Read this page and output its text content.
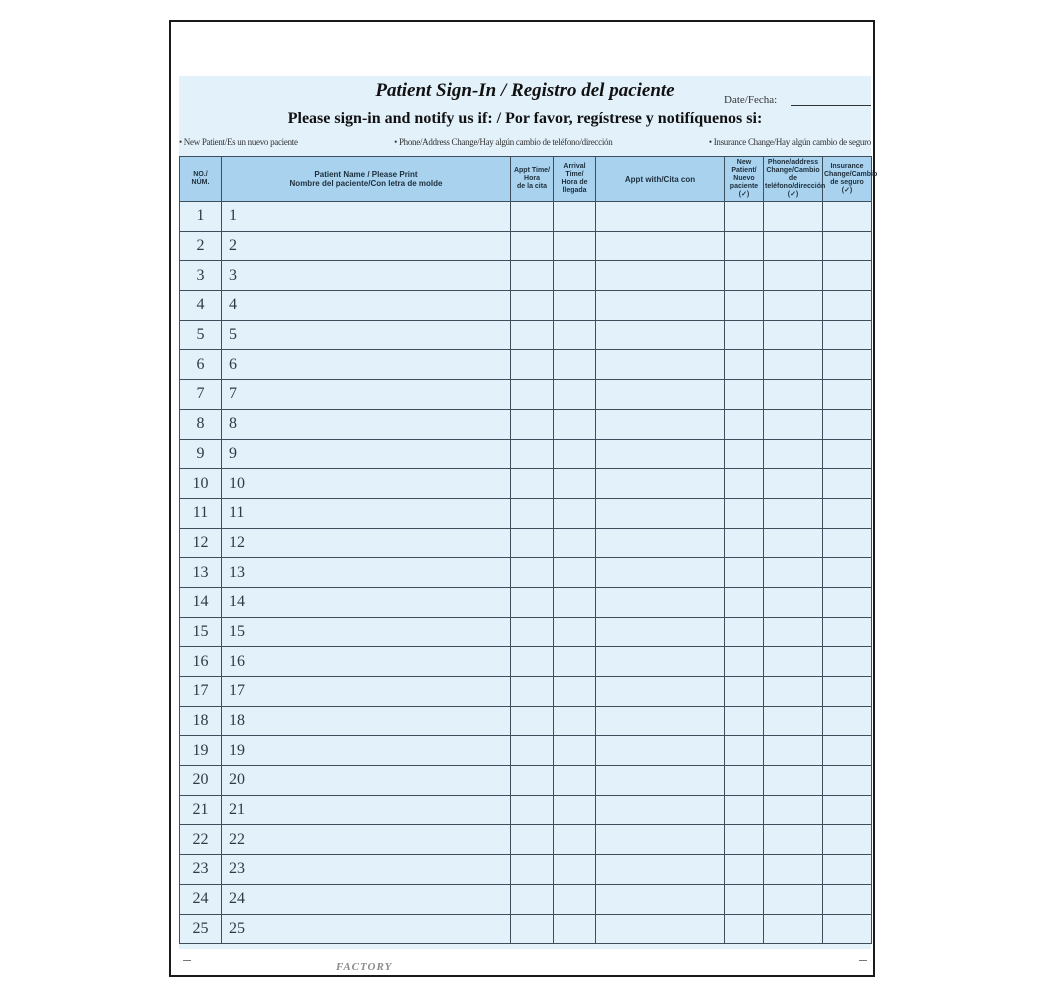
Patient Sign-In / Registro del paciente	Date/Fecha:
Please sign-in and notify us if: / Por favor, regístrese y notifíquenos si:
• New Patient/Es un nuevo paciente	• Phone/Address Change/Hay algún cambio de teléfono/dirección	• Insurance Change/Hay algún cambio de seguro
NO./
NÚM.	Patient Name / Please Print
Nombre del paciente/Con letra de molde	Appt Time/
Hora
de la cita	Arrival Time/
Hora de
llegada	Appt with/Cita con	New
Patient/
Nuevo
paciente
(✓)	Phone/address
Change/Cambio de
teléfono/dirección
(✓)	Insurance
Change/Cambio
de seguro
(✓)
1	1						
2	2						
3	3						
4	4						
5	5						
6	6						
7	7						
8	8						
9	9						
10	10						
11	11						
12	12						
13	13						
14	14						
15	15						
16	16						
17	17						
18	18						
19	19						
20	20						
21	21						
22	22						
23	23						
24	24						
25	25						
FACTORY
